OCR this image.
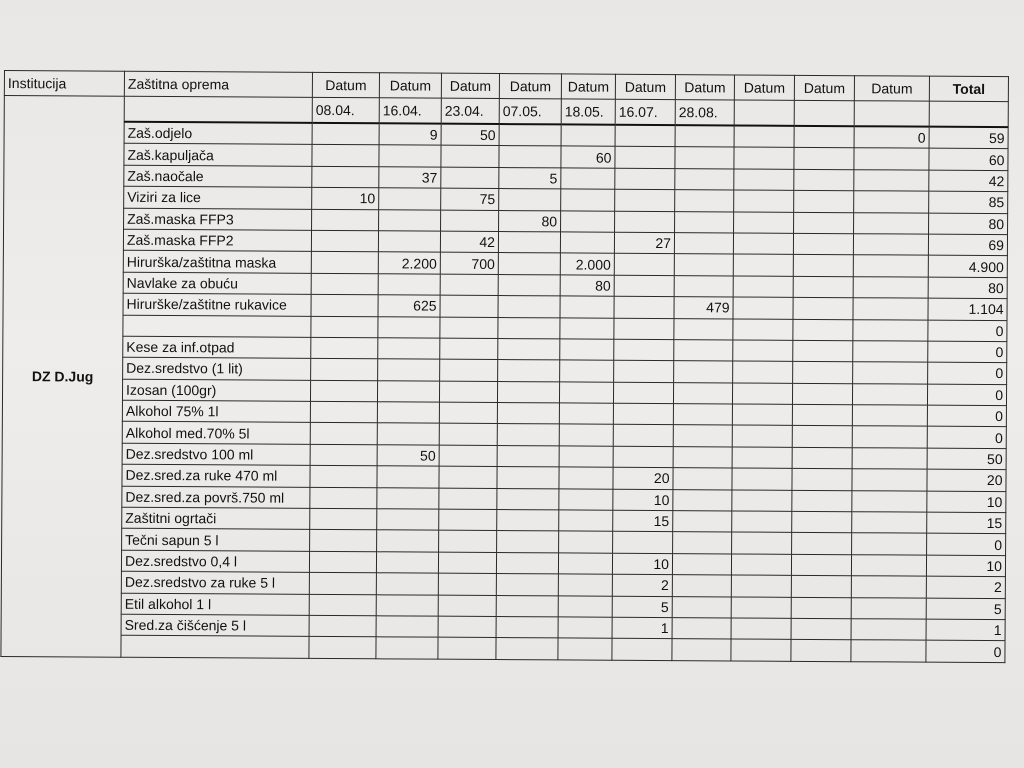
Institucija	Zaštitna oprema	Datum	Datum	Datum	Datum	Datum	Datum	Datum	Datum	Datum	Datum	Total
DZ D.Jug		08.04.	16.04.	23.04.	07.05.	18.05.	16.07.	28.08.				
	Zaš.odjelo		9	50							0	59
	Zaš.kapuljača					60						60
	Zaš.naočale		37		5							42
	Viziri za lice	10		75								85
	Zaš.maska FFP3				80							80
	Zaš.maska FFP2			42			27					69
	Hirurška/zaštitna maska		2.200	700		2.000						4.900
	Navlake za obuću					80						80
	Hirurške/zaštitne rukavice		625					479				1.104
												0
	Kese za inf.otpad											0
	Dez.sredstvo (1 lit)											0
	Izosan (100gr)											0
	Alkohol 75% 1l											0
	Alkohol med.70% 5l											0
	Dez.sredstvo 100 ml		50									50
	Dez.sred.za ruke 470 ml						20					20
	Dez.sred.za površ.750 ml						10					10
	Zaštitni ogrtači						15					15
	Tečni sapun 5 l											0
	Dez.sredstvo 0,4 l						10					10
	Dez.sredstvo za ruke 5 l						2					2
	Etil alkohol 1 l						5					5
	Sred.za čišćenje 5 l						1					1
												0
